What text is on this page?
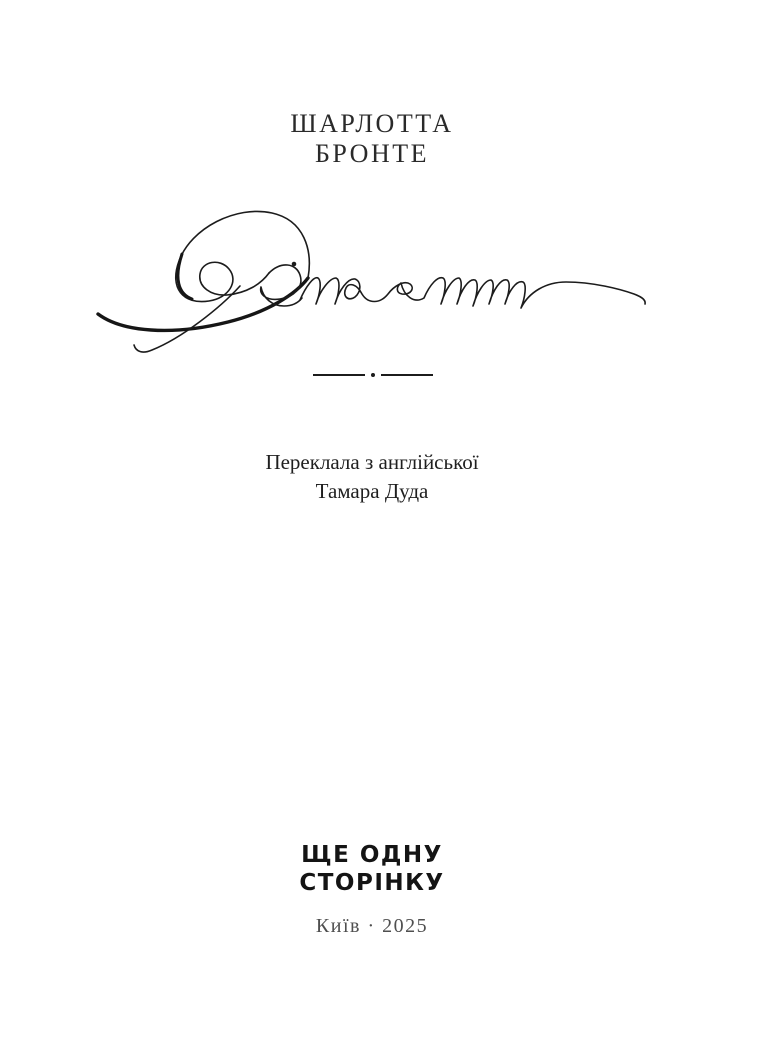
ШАРЛОТТА
БРОНТЕ
Переклала з англійської
Тамара Дуда
ЩЕ ОДНУ
СТОРІНКУ
Київ · 2025
